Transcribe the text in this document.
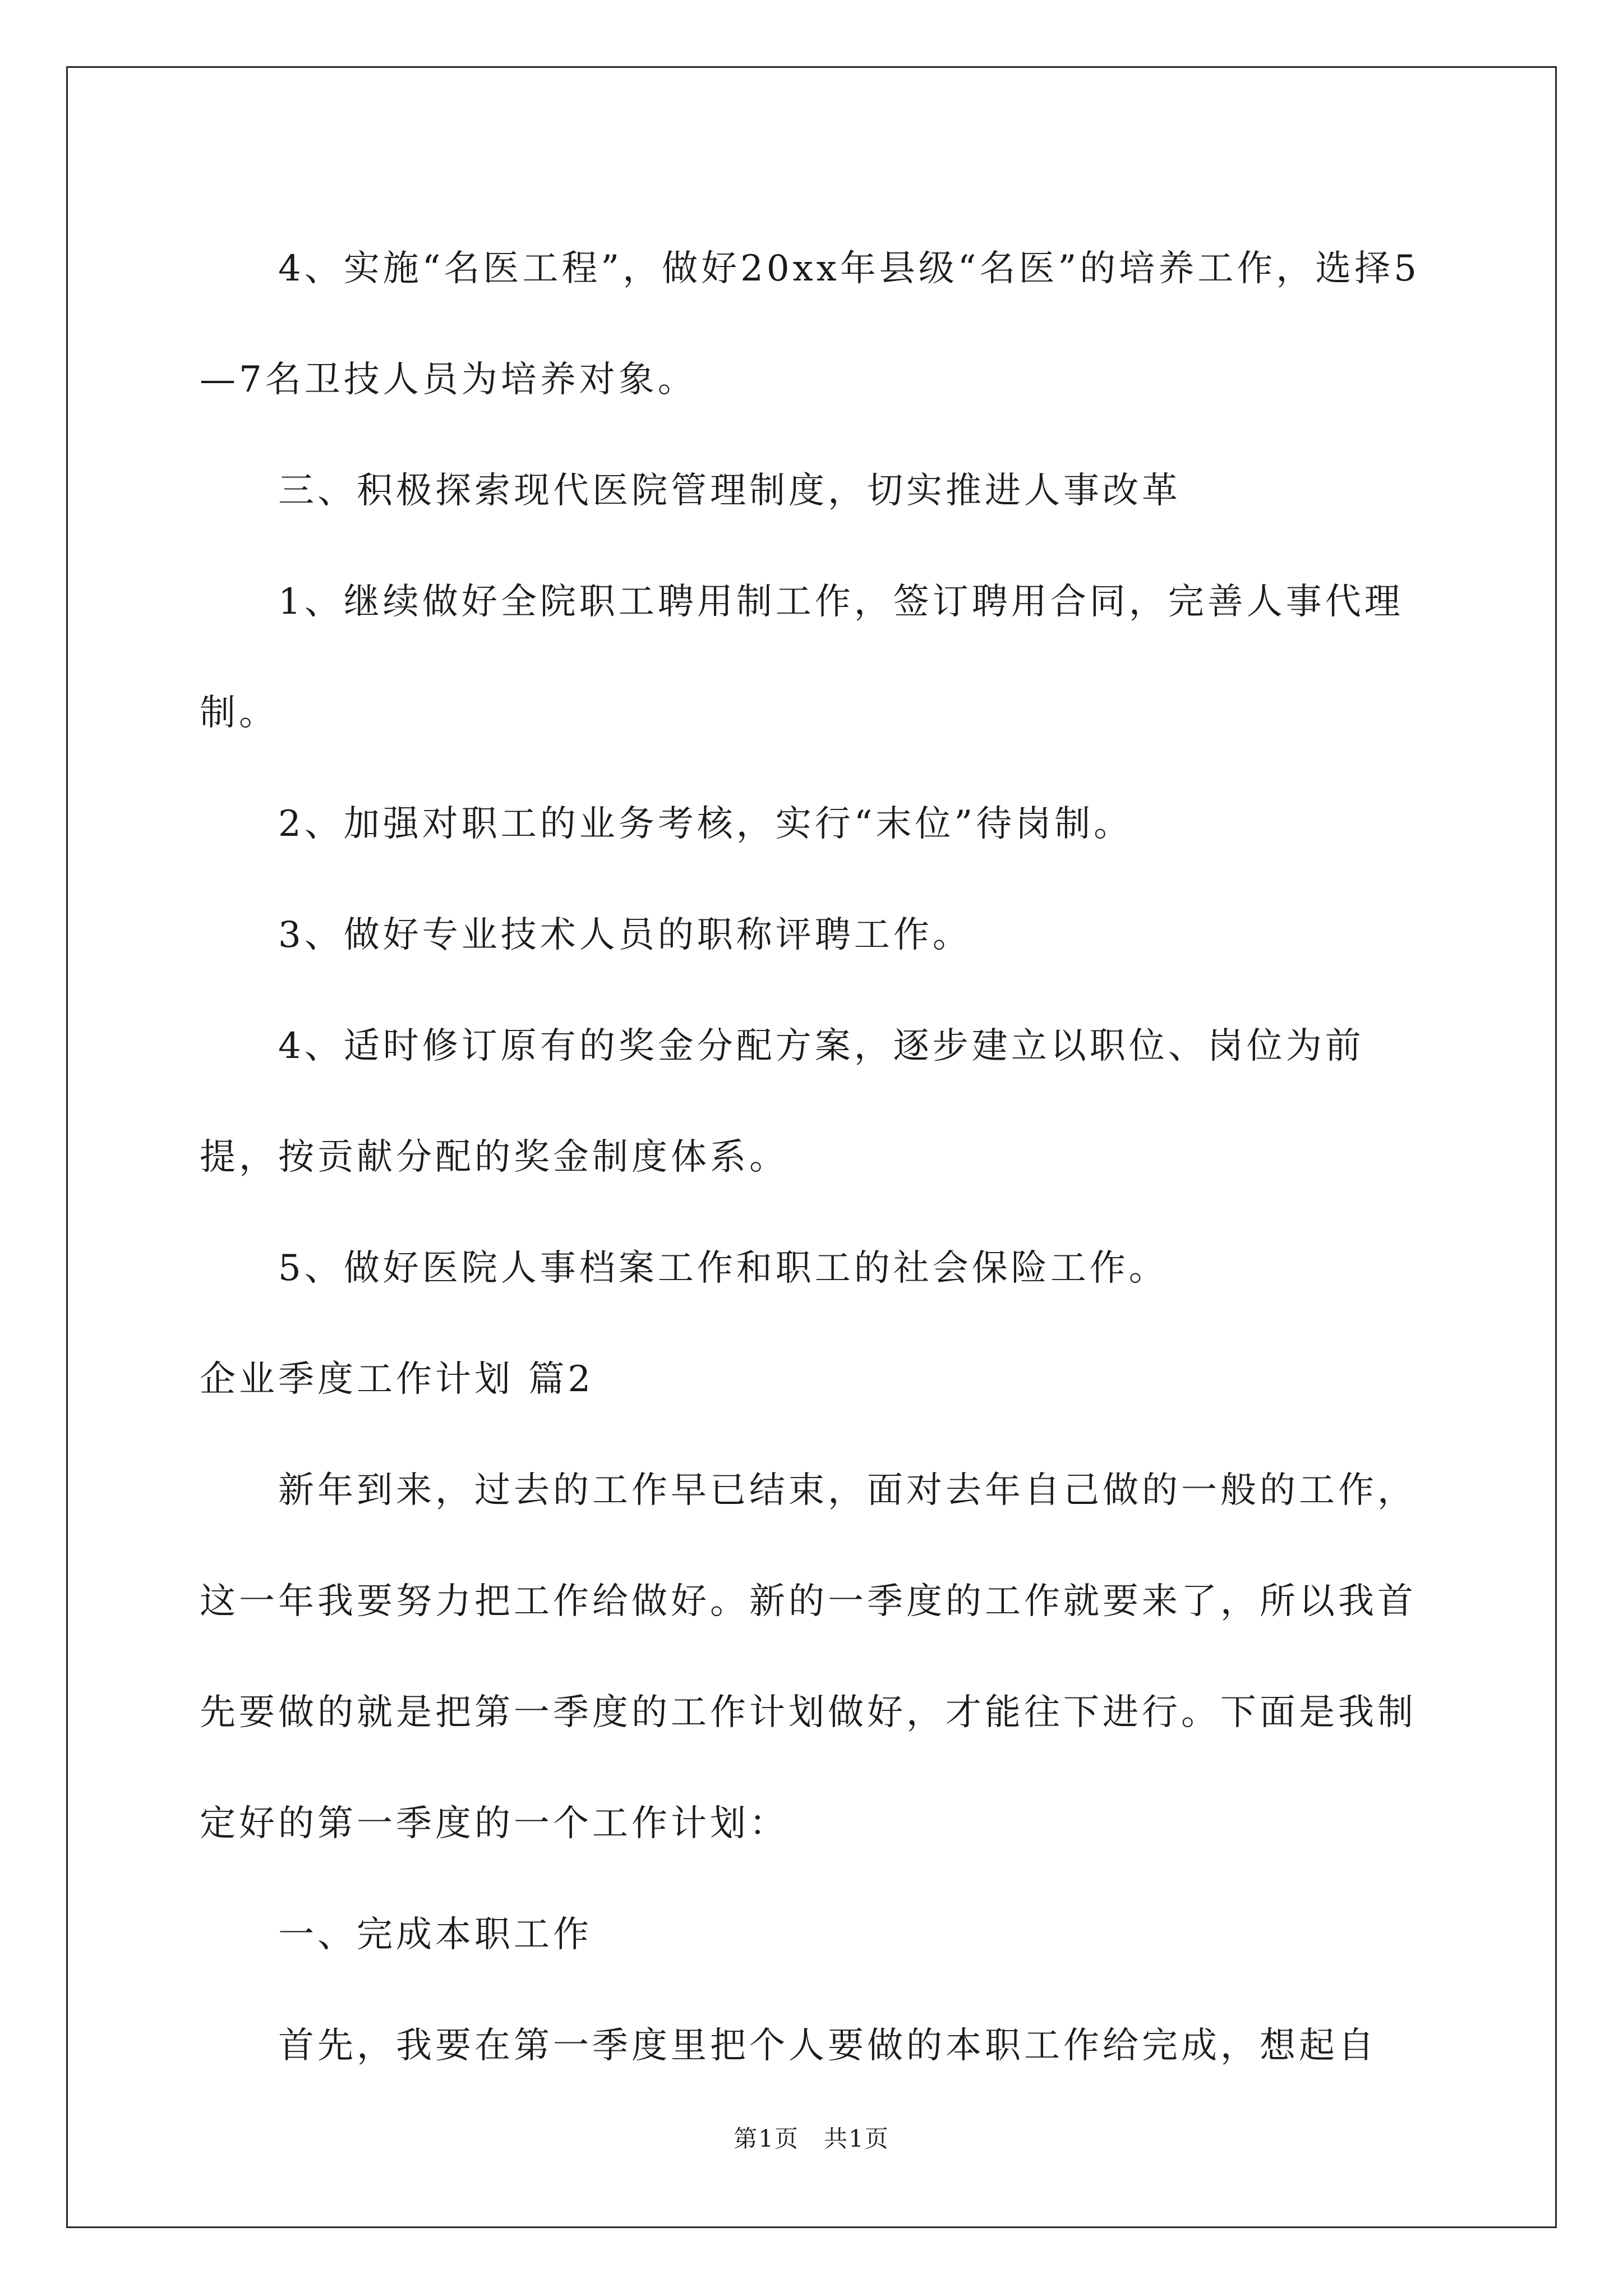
4、实施“名医工程”，做好20xx年县级“名医”的培养工作，选择5—7名卫技人员为培养对象。

三、积极探索现代医院管理制度，切实推进人事改革

1、继续做好全院职工聘用制工作，签订聘用合同，完善人事代理制。

2、加强对职工的业务考核，实行“末位”待岗制。

3、做好专业技术人员的职称评聘工作。

4、适时修订原有的奖金分配方案，逐步建立以职位、岗位为前提，按贡献分配的奖金制度体系。

5、做好医院人事档案工作和职工的社会保险工作。

企业季度工作计划 篇2

新年到来，过去的工作早已结束，面对去年自己做的一般的工作，这一年我要努力把工作给做好。新的一季度的工作就要来了，所以我首先要做的就是把第一季度的工作计划做好，才能往下进行。下面是我制定好的第一季度的一个工作计划：

一、完成本职工作

首先，我要在第一季度里把个人要做的本职工作给完成，想起自

第1页　共1页
